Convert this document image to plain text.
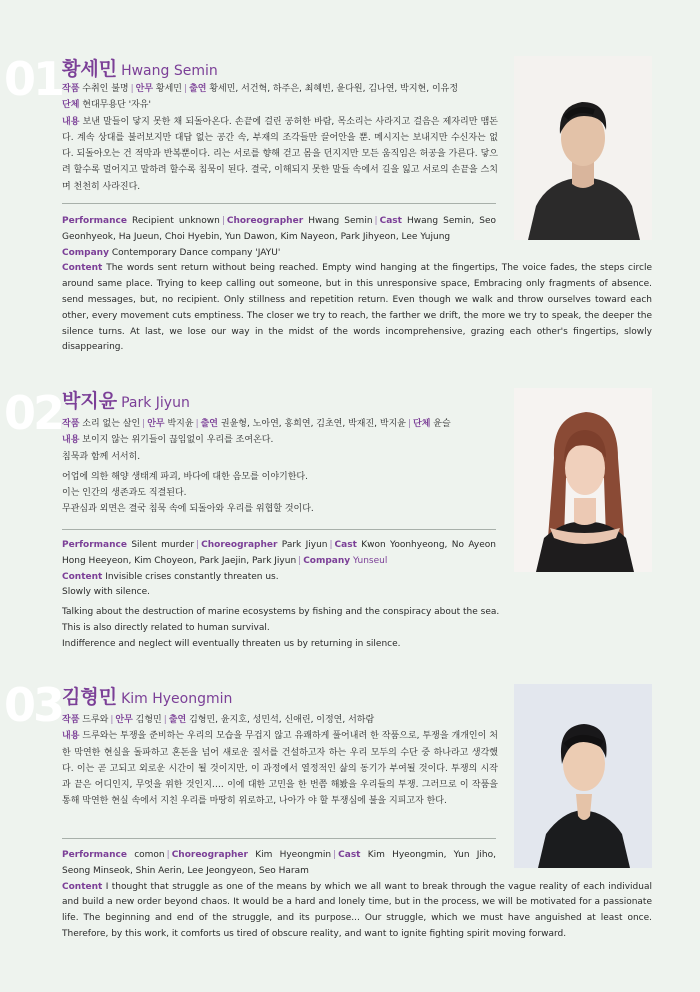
01 황세민 Hwang Semin

작품 수취인 불명 | 안무 황세민 | 출연 황세민, 서건혁, 하주은, 최혜빈, 윤다원, 김나연, 박지현, 이유정

단체 현대무용단 '자유'

내용 보낸 말들이 닿지 못한 채 되돌아온다. 손끝에 걸린 공허한 바람, 목소리는 사라지고 걸음은 제자리만 맴돈다. 계속 상대를 불러보지만 대답 없는 공간 속, 부재의 조각들만 끌어안을 뿐. 메시지는 보내지만 수신자는 없다. 되돌아오는 건 적막과 반복뿐이다. 리는 서로를 향해 걷고 몸을 던지지만 모든 움직임은 허공을 가른다. 닿으려 할수록 멀어지고 말하려 할수록 침묵이 된다. 결국, 이해되지 못한 말들 속에서 길을 잃고 서로의 손끝을 스치며 천천히 사라진다.

Performance Recipient unknown | Choreographer Hwang Semin | Cast Hwang Semin, Seo Geonhyeok, Ha Jueun, Choi Hyebin, Yun Dawon, Kim Nayeon, Park Jihyeon, Lee Yujung

Company Contemporary Dance company 'JAYU'

Content The words sent return without being reached. Empty wind hanging at the fingertips, The voice fades, the steps circle around same place. Trying to keep calling out someone, but in this unresponsive space, Embracing only fragments of absence. send messages, but, no recipient. Only stillness and repetition return. Even though we walk and throw ourselves toward each other, every movement cuts emptiness. The closer we try to reach, the farther we drift, the more we try to speak, the deeper the silence turns. At last, we lose our way in the midst of the words incomprehensive, grazing each other's fingertips, slowly disappearing.

02 박지윤 Park Jiyun

작품 소리 없는 살인 | 안무 박지윤 | 출연 권윤형, 노아연, 홍희연, 김초연, 박재진, 박지윤 | 단체 윤슬

내용 보이지 않는 위기들이 끊임없이 우리를 조여온다.

침묵과 함께 서서히.

어업에 의한 해양 생태계 파괴, 바다에 대한 음모를 이야기한다.

이는 인간의 생존과도 직결된다.

무관심과 외면은 결국 침묵 속에 되돌아와 우리를 위협할 것이다.

Performance Silent murder | Choreographer Park Jiyun | Cast Kwon Yoonhyeong, No Ayeon Hong Heeyeon, Kim Choyeon, Park Jaejin, Park Jiyun | Company Yunseul

Content Invisible crises constantly threaten us.

Slowly with silence.

Talking about the destruction of marine ecosystems by fishing and the conspiracy about the sea.

This is also directly related to human survival.

Indifference and neglect will eventually threaten us by returning in silence.

03 김형민 Kim Hyeongmin

작품 드루와 | 안무 김형민 | 출연 김형민, 윤지호, 성민석, 신애린, 이정연, 서하람

내용 드루와는 투쟁을 준비하는 우리의 모습을 무겁지 않고 유쾌하게 풀어내려 한 작품으로, 투쟁을 개개인이 처한 막연한 현실을 돌파하고 혼돈을 넘어 새로운 질서를 건설하고자 하는 우리 모두의 수단 중 하나라고 생각했다. 이는 곧 고되고 외로운 시간이 될 것이지만, 이 과정에서 열정적인 삶의 동기가 부여될 것이다. 투쟁의 시작과 끝은 어디인지, 무엇을 위한 것인지…. 이에 대한 고민을 한 번쯤 해봤을 우리들의 투쟁. 그러므로 이 작품을 통해 막연한 현실 속에서 지친 우리를 마땅히 위로하고, 나아가 야 할 투쟁심에 불을 지피고자 한다.

Performance comon | Choreographer Kim Hyeongmin | Cast Kim Hyeongmin, Yun Jiho, Seong Minseok, Shin Aerin, Lee Jeongyeon, Seo Haram

Content I thought that struggle as one of the means by which we all want to break through the vague reality of each individual and build a new order beyond chaos. It would be a hard and lonely time, but in the process, we will be motivated for a passionate life. The beginning and end of the struggle, and its purpose... Our struggle, which we must have anguished at least once. Therefore, by this work, it comforts us tired of obscure reality, and want to ignite fighting spirit moving forward.
